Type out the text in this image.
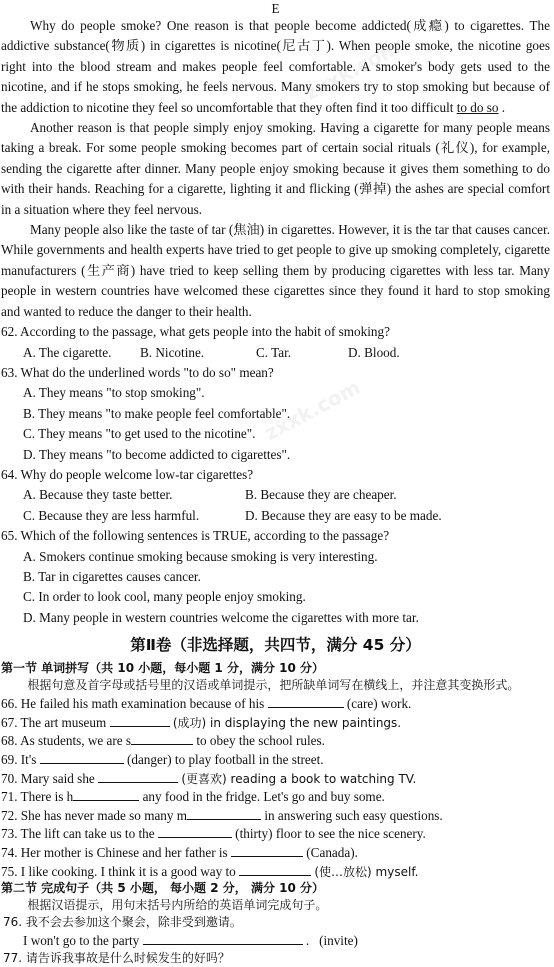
zxxk.com
zxxk.com
E

Why do people smoke? One reason is that people become addicted(成瘾) to cigarettes. The addictive substance(物质) in cigarettes is nicotine(尼古丁). When people smoke, the nicotine goes right into the blood stream and makes people feel comfortable. A smoker's body gets used to the nicotine, and if he stops smoking, he feels nervous. Many smokers try to stop smoking but because of the addiction to nicotine they feel so uncomfortable that they often find it too difficult to do so .

Another reason is that people simply enjoy smoking. Having a cigarette for many people means taking a break. For some people smoking becomes part of certain social rituals (礼仪), for example, sending the cigarette after dinner. Many people enjoy smoking because it gives them something to do with their hands. Reaching for a cigarette, lighting it and flicking (弹掉) the ashes are special comfort in a situation where they feel nervous.

Many people also like the taste of tar (焦油) in cigarettes. However, it is the tar that causes cancer. While governments and health experts have tried to get people to give up smoking completely, cigarette manufacturers (生产商) have tried to keep selling them by producing cigarettes with less tar. Many people in western countries have welcomed these cigarettes since they found it hard to stop smoking and wanted to reduce the danger to their health.

62. According to the passage, what gets people into the habit of smoking?
A. The cigarette.	B. Nicotine.	C. Tar.	D. Blood.
63. What do the underlined words "to do so" mean?
A. They means "to stop smoking".
B. They means "to make people feel comfortable".
C. They means "to get used to the nicotine".
D. They means "to become addicted to cigarettes".
64. Why do people welcome low-tar cigarettes?
A. Because they taste better.	B. Because they are cheaper.
C. Because they are less harmful.	D. Because they are easy to be made.
65. Which of the following sentences is TRUE, according to the passage?
A. Smokers continue smoking because smoking is very interesting.
B. Tar in cigarettes causes cancer.
C. In order to look cool, many people enjoy smoking.
D. Many people in western countries welcome the cigarettes with more tar.
第Ⅱ卷（非选择题，共四节，满分 45 分）
第一节 单词拼写（共 10 小题，每小题 1 分，满分 10 分）

根据句意及首字母或括号里的汉语或单词提示，把所缺单词写在横线上，并注意其变换形式。

66. He failed his math examination because of his	(care) work.
67. The art museum	(成功) in displaying the new paintings.
68. As students, we are s	to obey the school rules.
69. It's	(danger) to play football in the street.
70. Mary said she	(更喜欢) reading a book to watching TV.
71. There is h	any food in the fridge. Let's go and buy some.
72. She has never made so many m	in answering such easy questions.
73. The lift can take us to the	(thirty) floor to see the nice scenery.
74. Her mother is Chinese and her father is	(Canada).
75. I like cooking. I think it is a good way to	(使…放松) myself.
第二节 完成句子（共 5 小题， 每小题 2 分， 满分 10 分）

根据汉语提示，用句末括号内所给的英语单词完成句子。

76. 我不会去参加这个聚会，除非受到邀请。
I won't go to the party	. (invite)
77. 请告诉我事故是什么时候发生的好吗？
